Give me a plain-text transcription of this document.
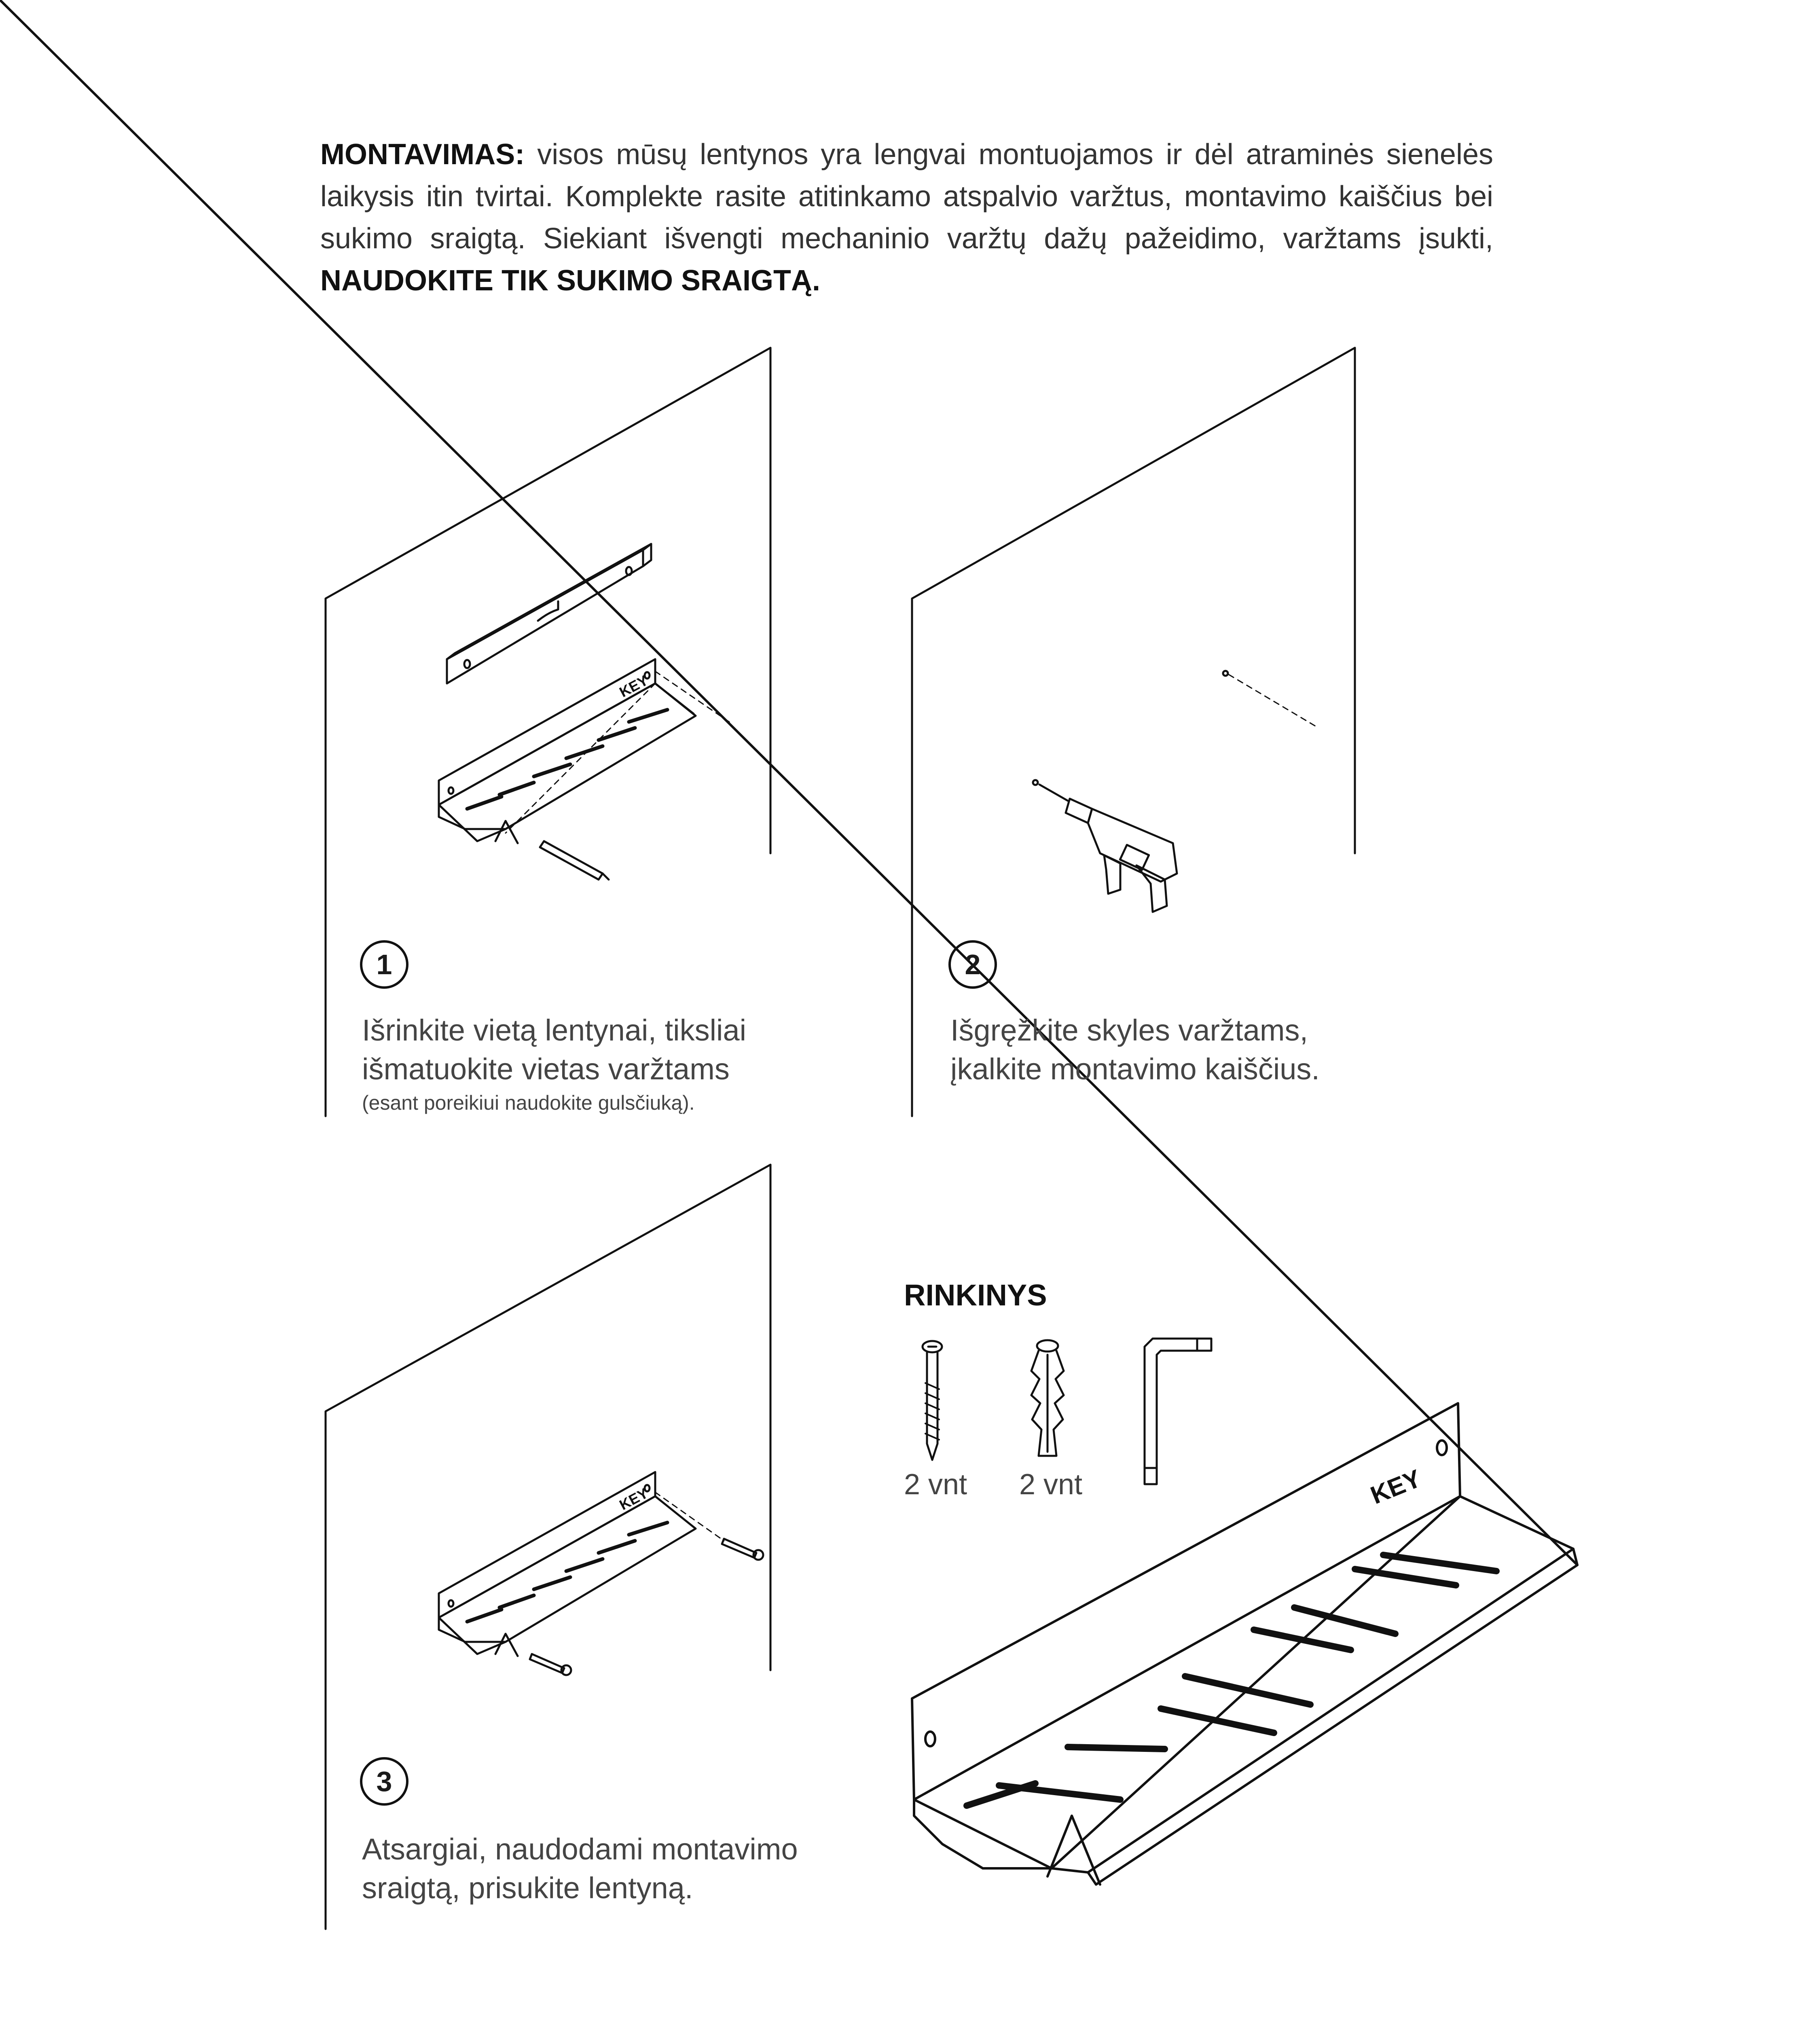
MONTAVIMAS: visos mūsų lentynos yra lengvai montuojamos ir dėl atraminės sienelės laikysis itin tvirtai. Komplekte rasite atitinkamo atspalvio varžtus, montavimo kaiščius bei sukimo sraigtą. Siekiant išvengti mechaninio varžtų dažų pažeidimo, varžtams įsukti, NAUDOKITE TIK SUKIMO SRAIGTĄ.
KEY
KEY	KEY
1
Išrinkite vietą lentynai, tiksliai
išmatuokite vietas varžtams
(esant poreikiui naudokite gulsčiuką).
2
Išgręžkite skyles varžtams,
įkalkite montavimo kaiščius.
3
Atsargiai, naudodami montavimo
sraigtą, prisukite lentyną.
RINKINYS
2 vnt 2 vnt
